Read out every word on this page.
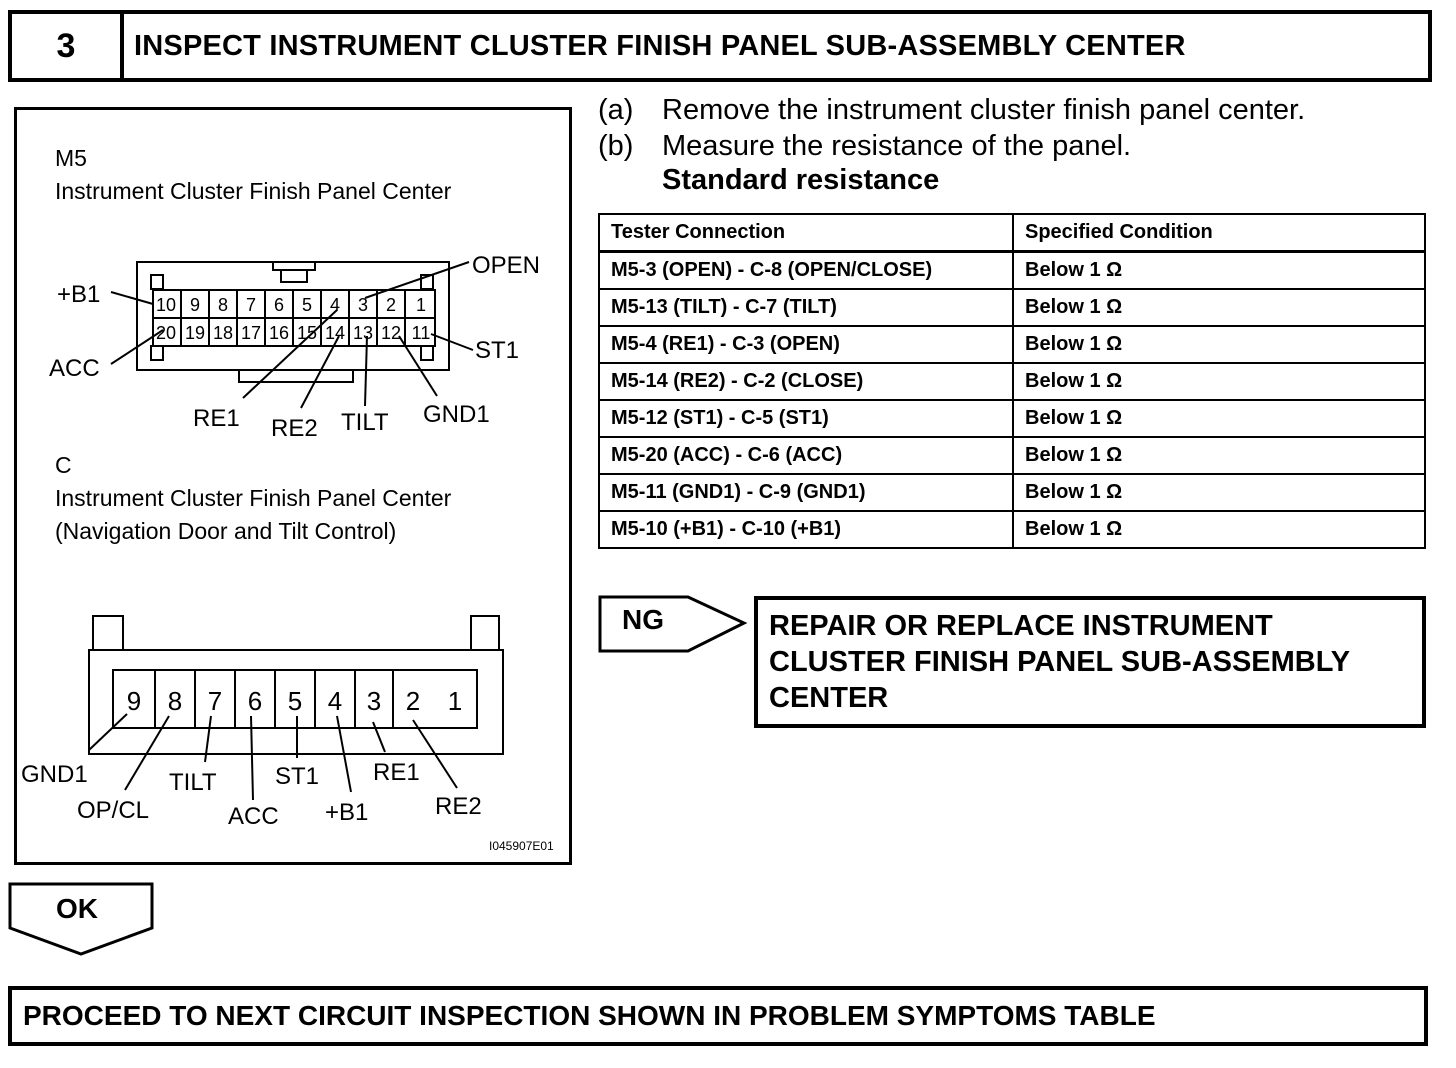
3	INSPECT INSTRUMENT CLUSTER FINISH PANEL SUB-ASSEMBLY CENTER
M5
Instrument Cluster Finish Panel Center
10 9 8 7 6 5 4 3 2 1
20 19 18 17 16 15 14 13 12 11
+B1
ACC
OPEN
ST1
RE1 RE2 TILT GND1
C
Instrument Cluster Finish Panel Center
(Navigation Door and Tilt Control)
9 8 7 6 5 4 3 2 1
GND1
OP/CL
TILT
ACC
ST1
+B1
RE1
RE2
I045907E01
(a) Remove the instrument cluster finish panel center.
(b) Measure the resistance of the panel.
Standard resistance
Tester Connection	Specified Condition
M5-3 (OPEN) - C-8 (OPEN/CLOSE)	Below 1 Ω
M5-13 (TILT) - C-7 (TILT)	Below 1 Ω
M5-4 (RE1) - C-3 (OPEN)	Below 1 Ω
M5-14 (RE2) - C-2 (CLOSE)	Below 1 Ω
M5-12 (ST1) - C-5 (ST1)	Below 1 Ω
M5-20 (ACC) - C-6 (ACC)	Below 1 Ω
M5-11 (GND1) - C-9 (GND1)	Below 1 Ω
M5-10 (+B1) - C-10 (+B1)	Below 1 Ω
NG	REPAIR OR REPLACE INSTRUMENT
CLUSTER FINISH PANEL SUB-ASSEMBLY
CENTER
OK
PROCEED TO NEXT CIRCUIT INSPECTION SHOWN IN PROBLEM SYMPTOMS TABLE
